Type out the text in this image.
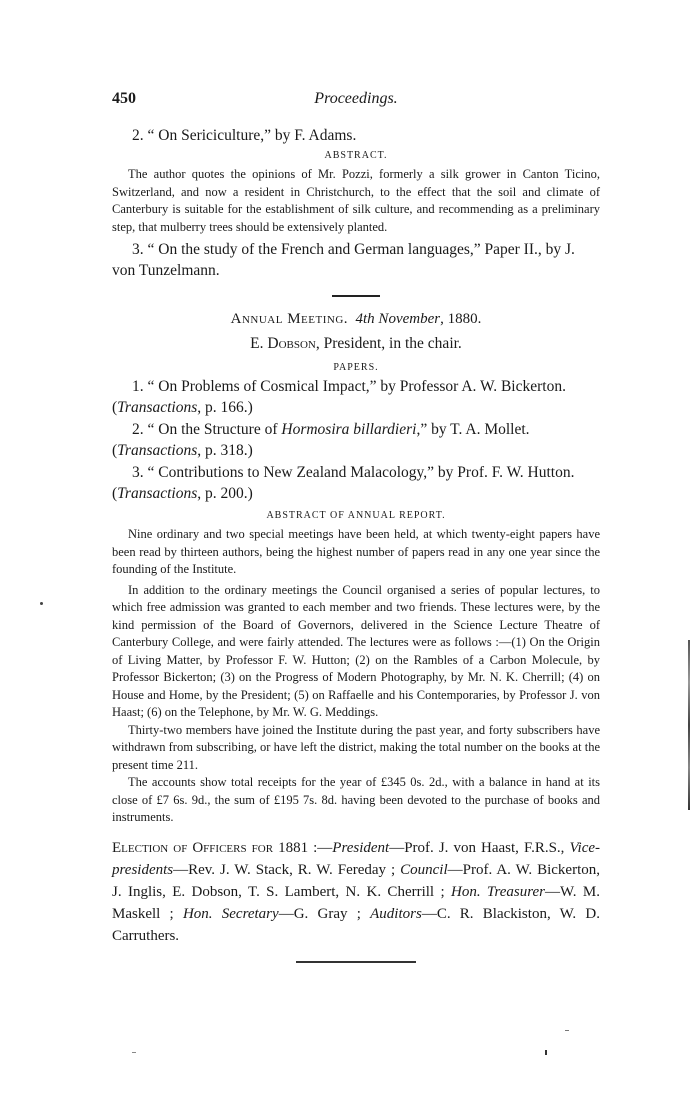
450	Proceedings.

2. “ On Sericiculture,” by F. Adams.

ABSTRACT.

The author quotes the opinions of Mr. Pozzi, formerly a silk grower in Canton Ticino, Switzerland, and now a resident in Christchurch, to the effect that the soil and climate of Canterbury is suitable for the establishment of silk culture, and recommending as a preliminary step, that mulberry trees should be extensively planted.

3. “ On the study of the French and German languages,” Paper II., by J. von Tunzelmann.

Annual Meeting. 4th November, 1880.

E. Dobson, President, in the chair.

PAPERS.

1. “ On Problems of Cosmical Impact,” by Professor A. W. Bickerton. (Transactions, p. 166.)

2. “ On the Structure of Hormosira billardieri,” by T. A. Mollet. (Transactions, p. 318.)

3. “ Contributions to New Zealand Malacology,” by Prof. F. W. Hutton. (Transactions, p. 200.)

ABSTRACT OF ANNUAL REPORT.

Nine ordinary and two special meetings have been held, at which twenty-eight papers have been read by thirteen authors, being the highest number of papers read in any one year since the founding of the Institute.

In addition to the ordinary meetings the Council organised a series of popular lectures, to which free admission was granted to each member and two friends. These lectures were, by the kind permission of the Board of Governors, delivered in the Science Lecture Theatre of Canterbury College, and were fairly attended. The lectures were as follows :—(1) On the Origin of Living Matter, by Professor F. W. Hutton; (2) on the Rambles of a Carbon Molecule, by Professor Bickerton; (3) on the Progress of Modern Photography, by Mr. N. K. Cherrill; (4) on House and Home, by the President; (5) on Raffaelle and his Contemporaries, by Professor J. von Haast; (6) on the Telephone, by Mr. W. G. Meddings.

Thirty-two members have joined the Institute during the past year, and forty subscribers have withdrawn from subscribing, or have left the district, making the total number on the books at the present time 211.

The accounts show total receipts for the year of £345 0s. 2d., with a balance in hand at its close of £7 6s. 9d., the sum of £195 7s. 8d. having been devoted to the purchase of books and instruments.

Election of Officers for 1881 :—President—Prof. J. von Haast, F.R.S., Vice-presidents—Rev. J. W. Stack, R. W. Fereday ; Council—Prof. A. W. Bickerton, J. Inglis, E. Dobson, T. S. Lambert, N. K. Cherrill ; Hon. Treasurer—W. M. Maskell ; Hon. Secretary—G. Gray ; Auditors—C. R. Blackiston, W. D. Carruthers.
